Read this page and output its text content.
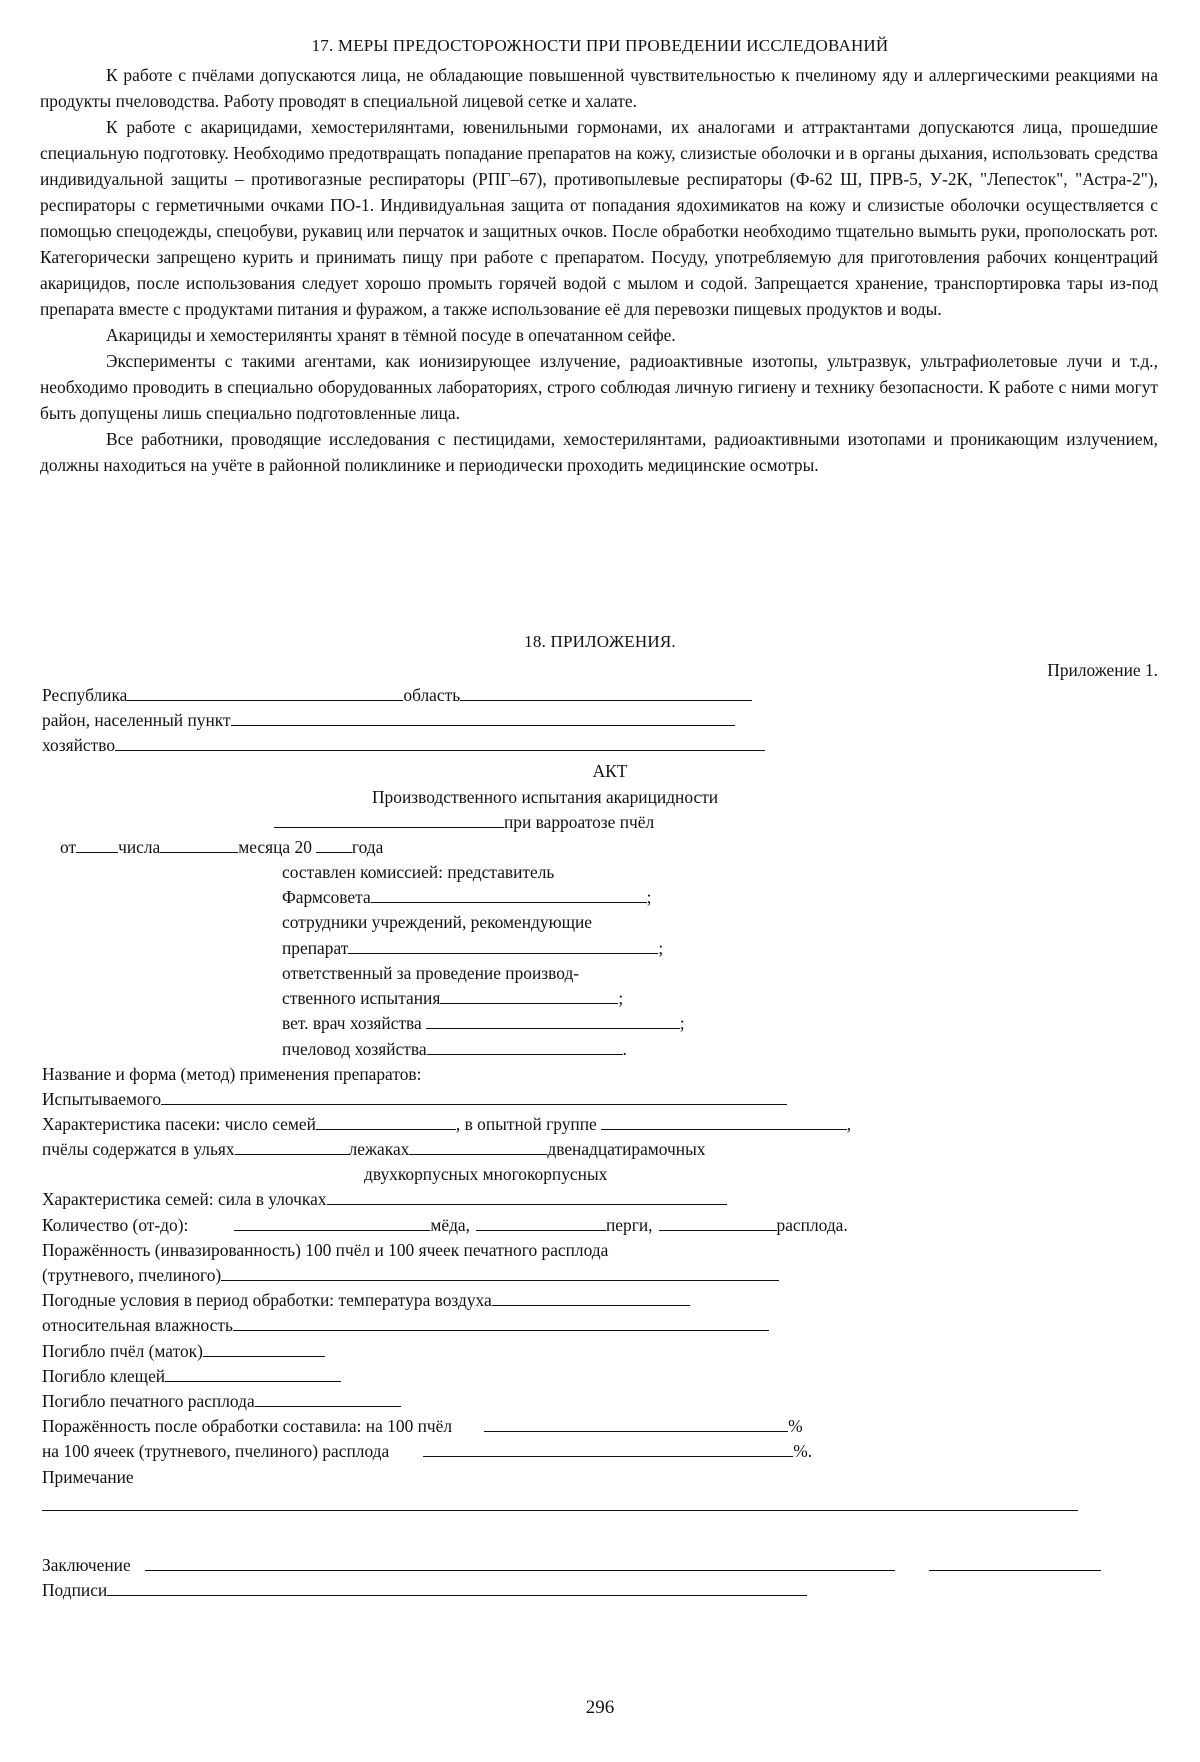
17. МЕРЫ ПРЕДОСТОРОЖНОСТИ ПРИ ПРОВЕДЕНИИ ИССЛЕДОВАНИЙ

К работе с пчёлами допускаются лица, не обладающие повышенной чувствительностью к пчелиному яду и аллергическими реакциями на продукты пчеловодства. Работу проводят в специальной лицевой сетке и халате.

К работе с акарицидами, хемостерилянтами, ювенильными гормонами, их аналогами и аттрактантами допускаются лица, прошедшие специальную подготовку. Необходимо предотвращать попадание препаратов на кожу, слизистые оболочки и в органы дыхания, использовать средства индивидуальной защиты – противогазные респираторы (РПГ–67), противопылевые респираторы (Ф-62 Ш, ПРВ-5, У-2К, "Лепесток", "Астра-2"), респираторы с герметичными очками ПО-1. Индивидуальная защита от попадания ядохимикатов на кожу и слизистые оболочки осуществляется с помощью спецодежды, спецобуви, рукавиц или перчаток и защитных очков. После обработки необходимо тщательно вымыть руки, прополоскать рот. Категорически запрещено курить и принимать пищу при работе с препаратом. Посуду, употребляемую для приготовления рабочих концентраций акарицидов, после использования следует хорошо промыть горячей водой с мылом и содой. Запрещается хранение, транспортировка тары из-под препарата вместе с продуктами питания и фуражом, а также использование её для перевозки пищевых продуктов и воды.

Акарициды и хемостерилянты хранят в тёмной посуде в опечатанном сейфе.

Эксперименты с такими агентами, как ионизирующее излучение, радиоактивные изотопы, ультразвук, ультрафиолетовые лучи и т.д., необходимо проводить в специально оборудованных лабораториях, строго соблюдая личную гигиену и технику безопасности. К работе с ними могут быть допущены лишь специально подготовленные лица.

Все работники, проводящие исследования с пестицидами, хемостерилянтами, радиоактивными изотопами и проникающим излучением, должны находиться на учёте в районной поликлинике и периодически проходить медицинские осмотры.

18. ПРИЛОЖЕНИЯ.
Приложение 1.
Республика	область
район, населенный пункт
хозяйство
АКТ
Производственного испытания акарицидности
при варроатозе пчёл
от числа	месяца 20 года
составлен комиссией: представитель
Фармсовета	;
сотрудники учреждений, рекомендующие
препарат	;
ответственный за проведение производ-
ственного испытания	;
вет. врач хозяйства	;
пчеловод хозяйства	.
Название и форма (метод) применения препаратов:
Испытываемого
Характеристика пасеки: число семей	, в опытной группе	,
пчёлы содержатся в ульях	лежаках	двенадцатирамочных
двухкорпусных многокорпусных
Характеристика семей: сила в улочках
Количество (от-до):	мёда,	перги,	расплода.
Поражённость (инвазированность) 100 пчёл и 100 ячеек печатного расплода
(трутневого, пчелиного)
Погодные условия в период обработки: температура воздуха
относительная влажность
Погибло пчёл (маток)
Погибло клещей
Погибло печатного расплода
Поражённость после обработки составила: на 100 пчёл	%
на 100 ячеек (трутневого, пчелиного) расплода	%.
Примечание
Заключение
Подписи
296
